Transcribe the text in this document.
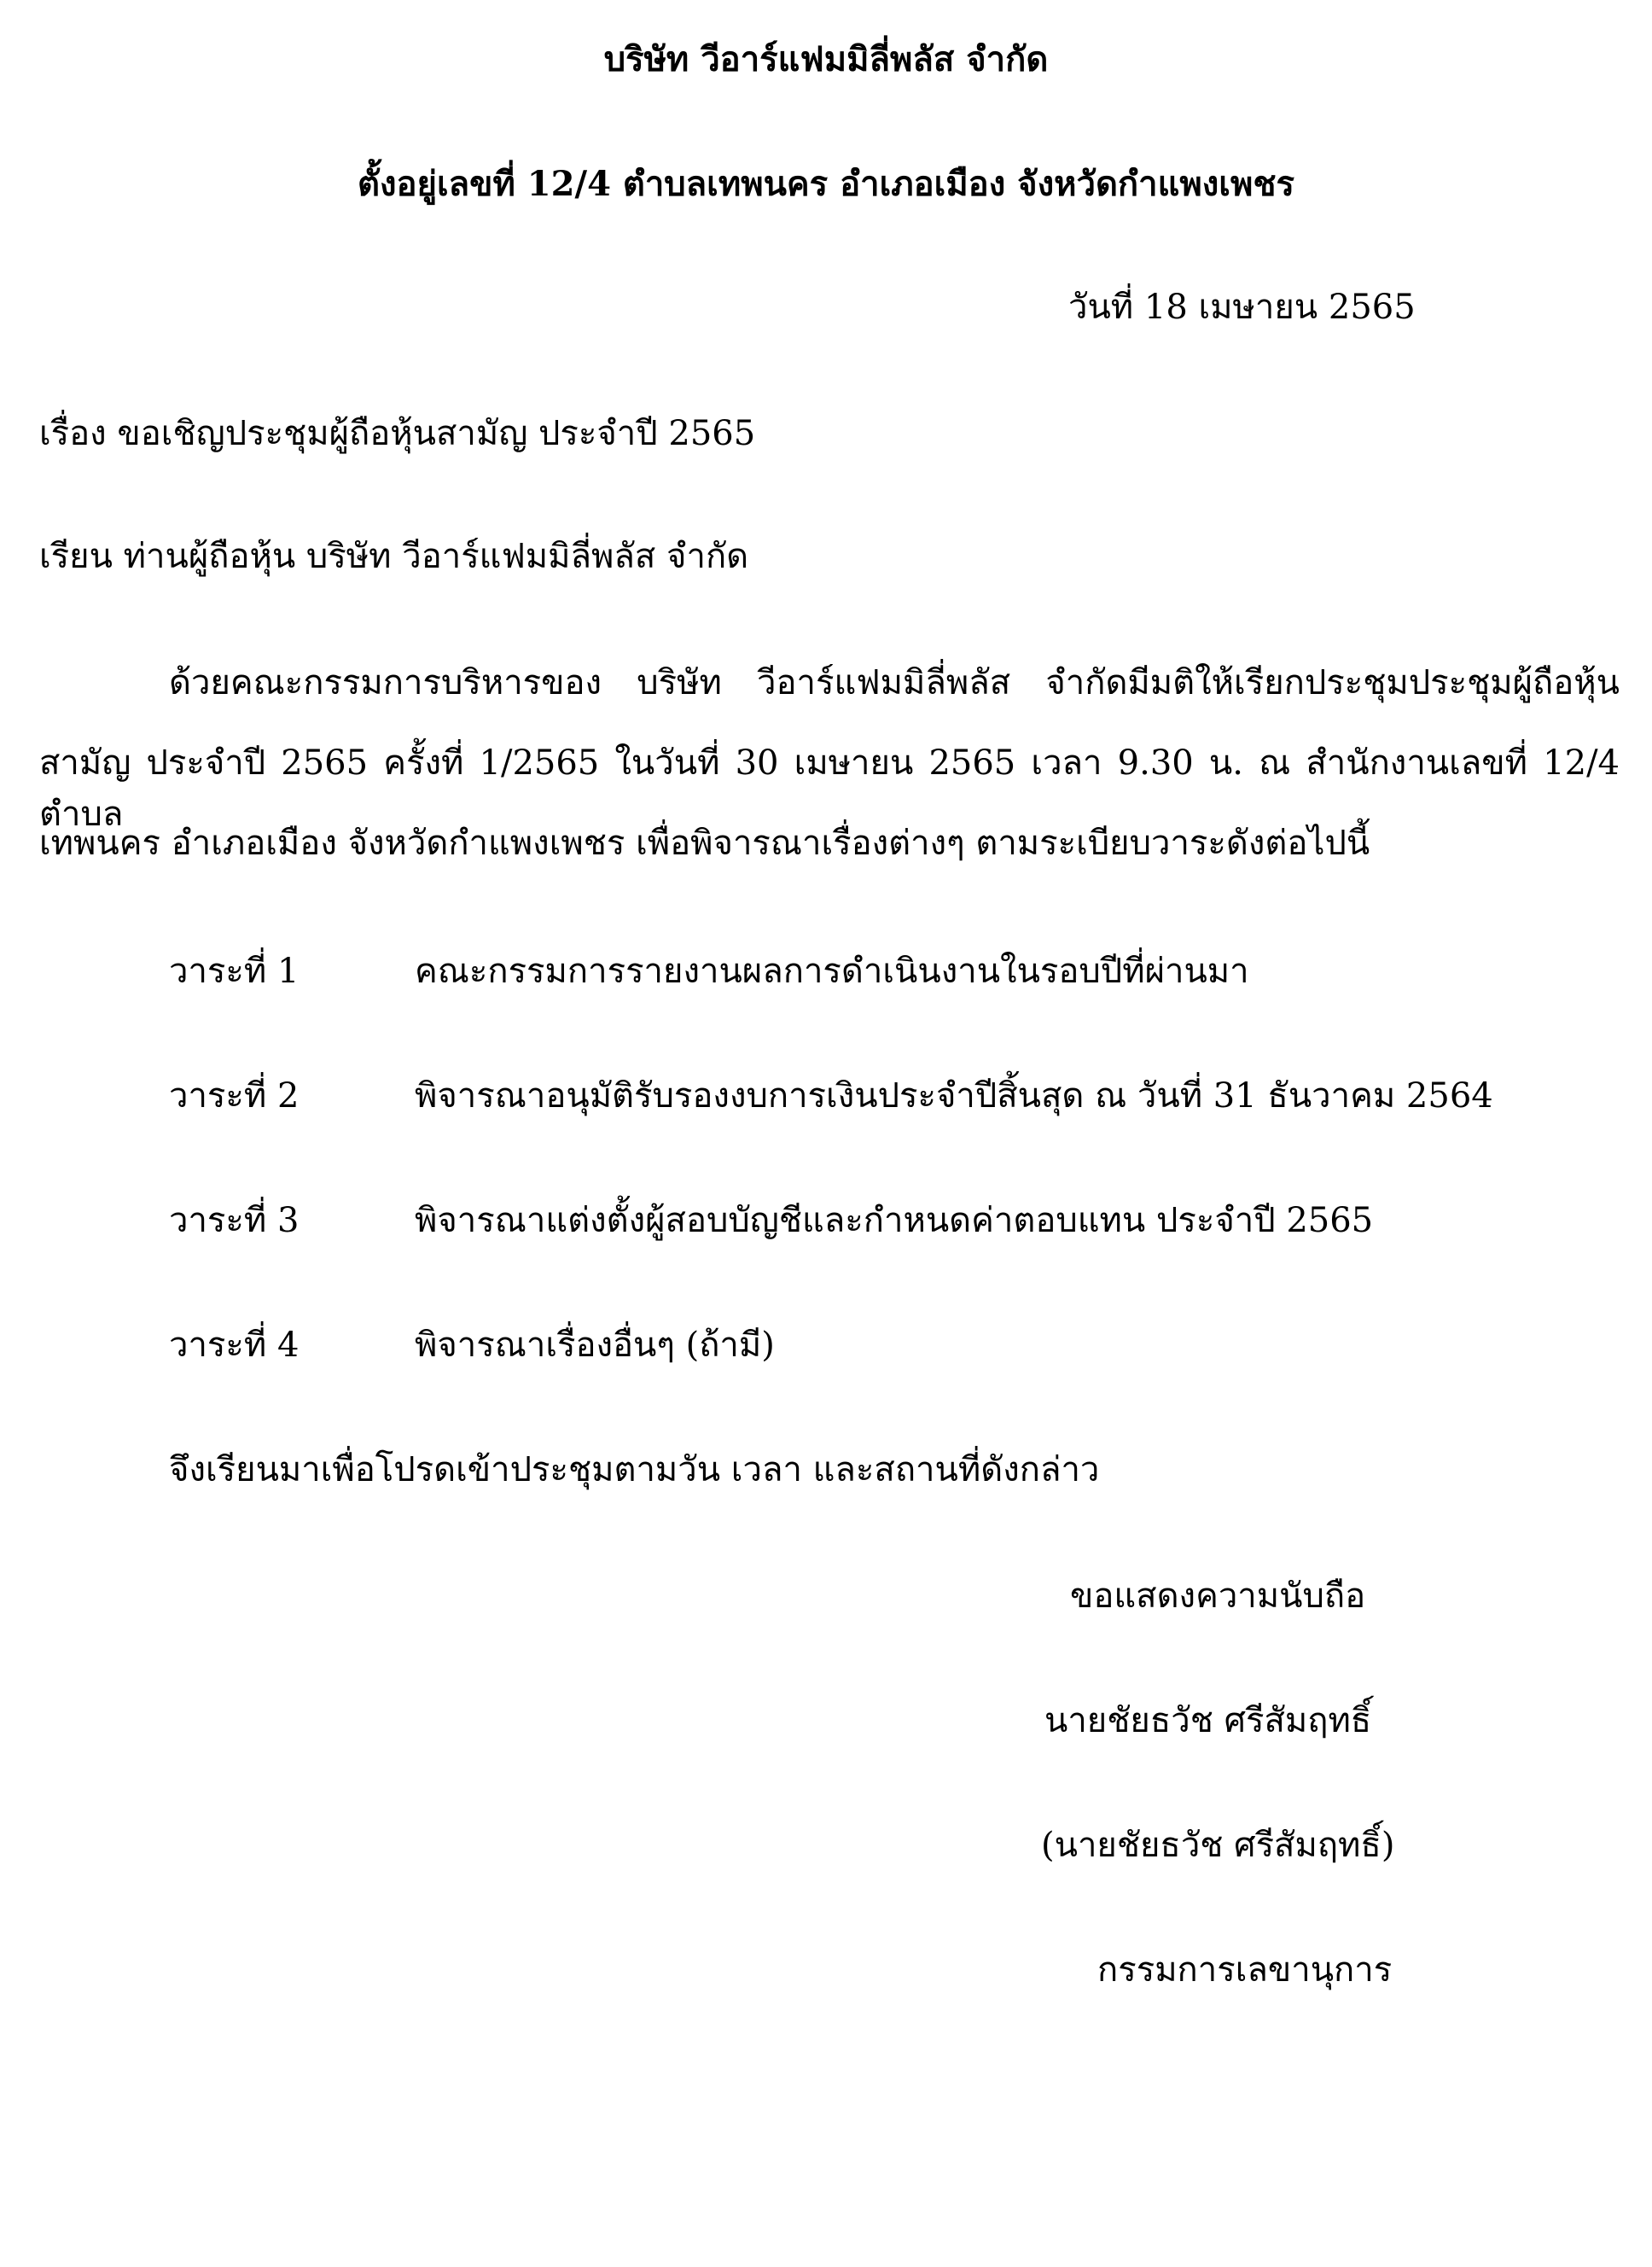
บริษัท วีอาร์แฟมมิลี่พลัส จำกัด
ตั้งอยู่เลขที่ 12/4 ตำบลเทพนคร อำเภอเมือง จังหวัดกำแพงเพชร
วันที่ 18 เมษายน 2565
เรื่อง ขอเชิญประชุมผู้ถือหุ้นสามัญ ประจำปี 2565
เรียน ท่านผู้ถือหุ้น บริษัท วีอาร์แฟมมิลี่พลัส จำกัด
ด้วยคณะกรรมการบริหารของ บริษัท วีอาร์แฟมมิลี่พลัส จำกัดมีมติให้เรียกประชุมประชุมผู้ถือหุ้น
สามัญ ประจำปี 2565 ครั้งที่ 1/2565 ในวันที่ 30 เมษายน 2565 เวลา 9.30 น. ณ สำนักงานเลขที่ 12/4 ตำบล
เทพนคร อำเภอเมือง จังหวัดกำแพงเพชร เพื่อพิจารณาเรื่องต่างๆ ตามระเบียบวาระดังต่อไปนี้
วาระที่ 1	คณะกรรมการรายงานผลการดำเนินงานในรอบปีที่ผ่านมา
วาระที่ 2	พิจารณาอนุมัติรับรองงบการเงินประจำปีสิ้นสุด ณ วันที่ 31 ธันวาคม 2564
วาระที่ 3	พิจารณาแต่งตั้งผู้สอบบัญชีและกำหนดค่าตอบแทน ประจำปี 2565
วาระที่ 4	พิจารณาเรื่องอื่นๆ (ถ้ามี)
จึงเรียนมาเพื่อโปรดเข้าประชุมตามวัน เวลา และสถานที่ดังกล่าว
ขอแสดงความนับถือ
นายชัยธวัช ศรีสัมฤทธิ์
(นายชัยธวัช ศรีสัมฤทธิ์)
กรรมการเลขานุการ
